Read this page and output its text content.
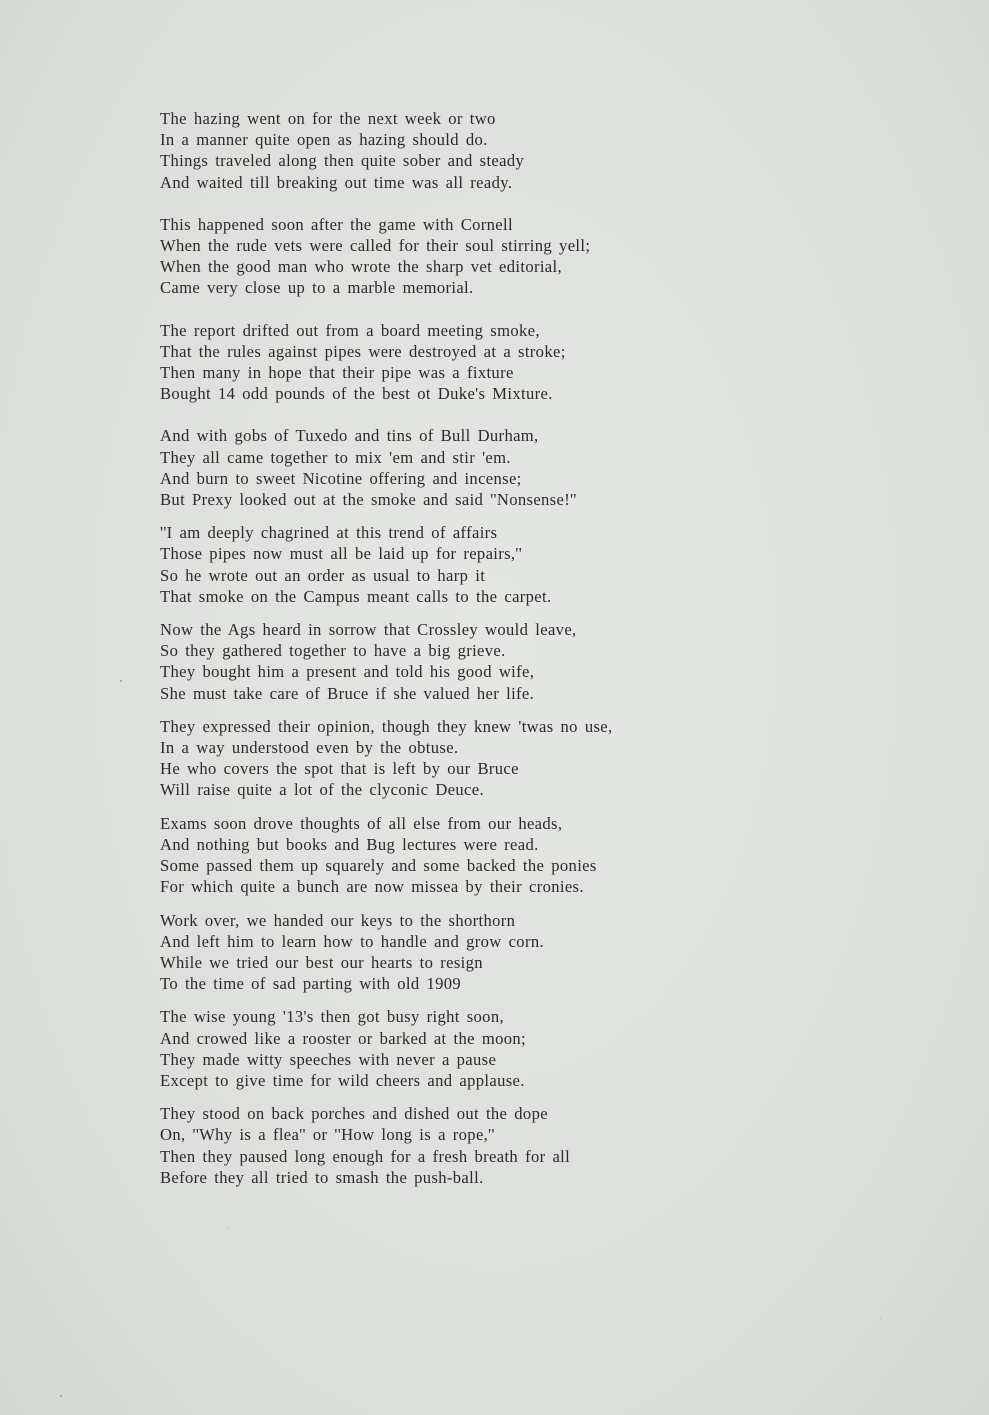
The hazing went on for the next week or two
In a manner quite open as hazing should do.
Things traveled along then quite sober and steady
And waited till breaking out time was all ready.
This happened soon after the game with Cornell
When the rude vets were called for their soul stirring yell;
When the good man who wrote the sharp vet editorial,
Came very close up to a marble memorial.
The report drifted out from a board meeting smoke,
That the rules against pipes were destroyed at a stroke;
Then many in hope that their pipe was a fixture
Bought 14 odd pounds of the best ot Duke's Mixture.
And with gobs of Tuxedo and tins of Bull Durham,
They all came together to mix 'em and stir 'em.
And burn to sweet Nicotine offering and incense;
But Prexy looked out at the smoke and said ''Nonsense!''
''I am deeply chagrined at this trend of affairs
Those pipes now must all be laid up for repairs,''
So he wrote out an order as usual to harp it
That smoke on the Campus meant calls to the carpet.
Now the Ags heard in sorrow that Crossley would leave,
So they gathered together to have a big grieve.
They bought him a present and told his good wife,
She must take care of Bruce if she valued her life.
They expressed their opinion, though they knew 'twas no use,
In a way understood even by the obtuse.
He who covers the spot that is left by our Bruce
Will raise quite a lot of the clyconic Deuce.
Exams soon drove thoughts of all else from our heads,
And nothing but books and Bug lectures were read.
Some passed them up squarely and some backed the ponies
For which quite a bunch are now missea by their cronies.
Work over, we handed our keys to the shorthorn
And left him to learn how to handle and grow corn.
While we tried our best our hearts to resign
To the time of sad parting with old 1909
The wise young '13's then got busy right soon,
And crowed like a rooster or barked at the moon;
They made witty speeches with never a pause
Except to give time for wild cheers and applause.
They stood on back porches and dished out the dope
On, ''Why is a flea'' or ''How long is a rope,''
Then they paused long enough for a fresh breath for all
Before they all tried to smash the push-ball.
